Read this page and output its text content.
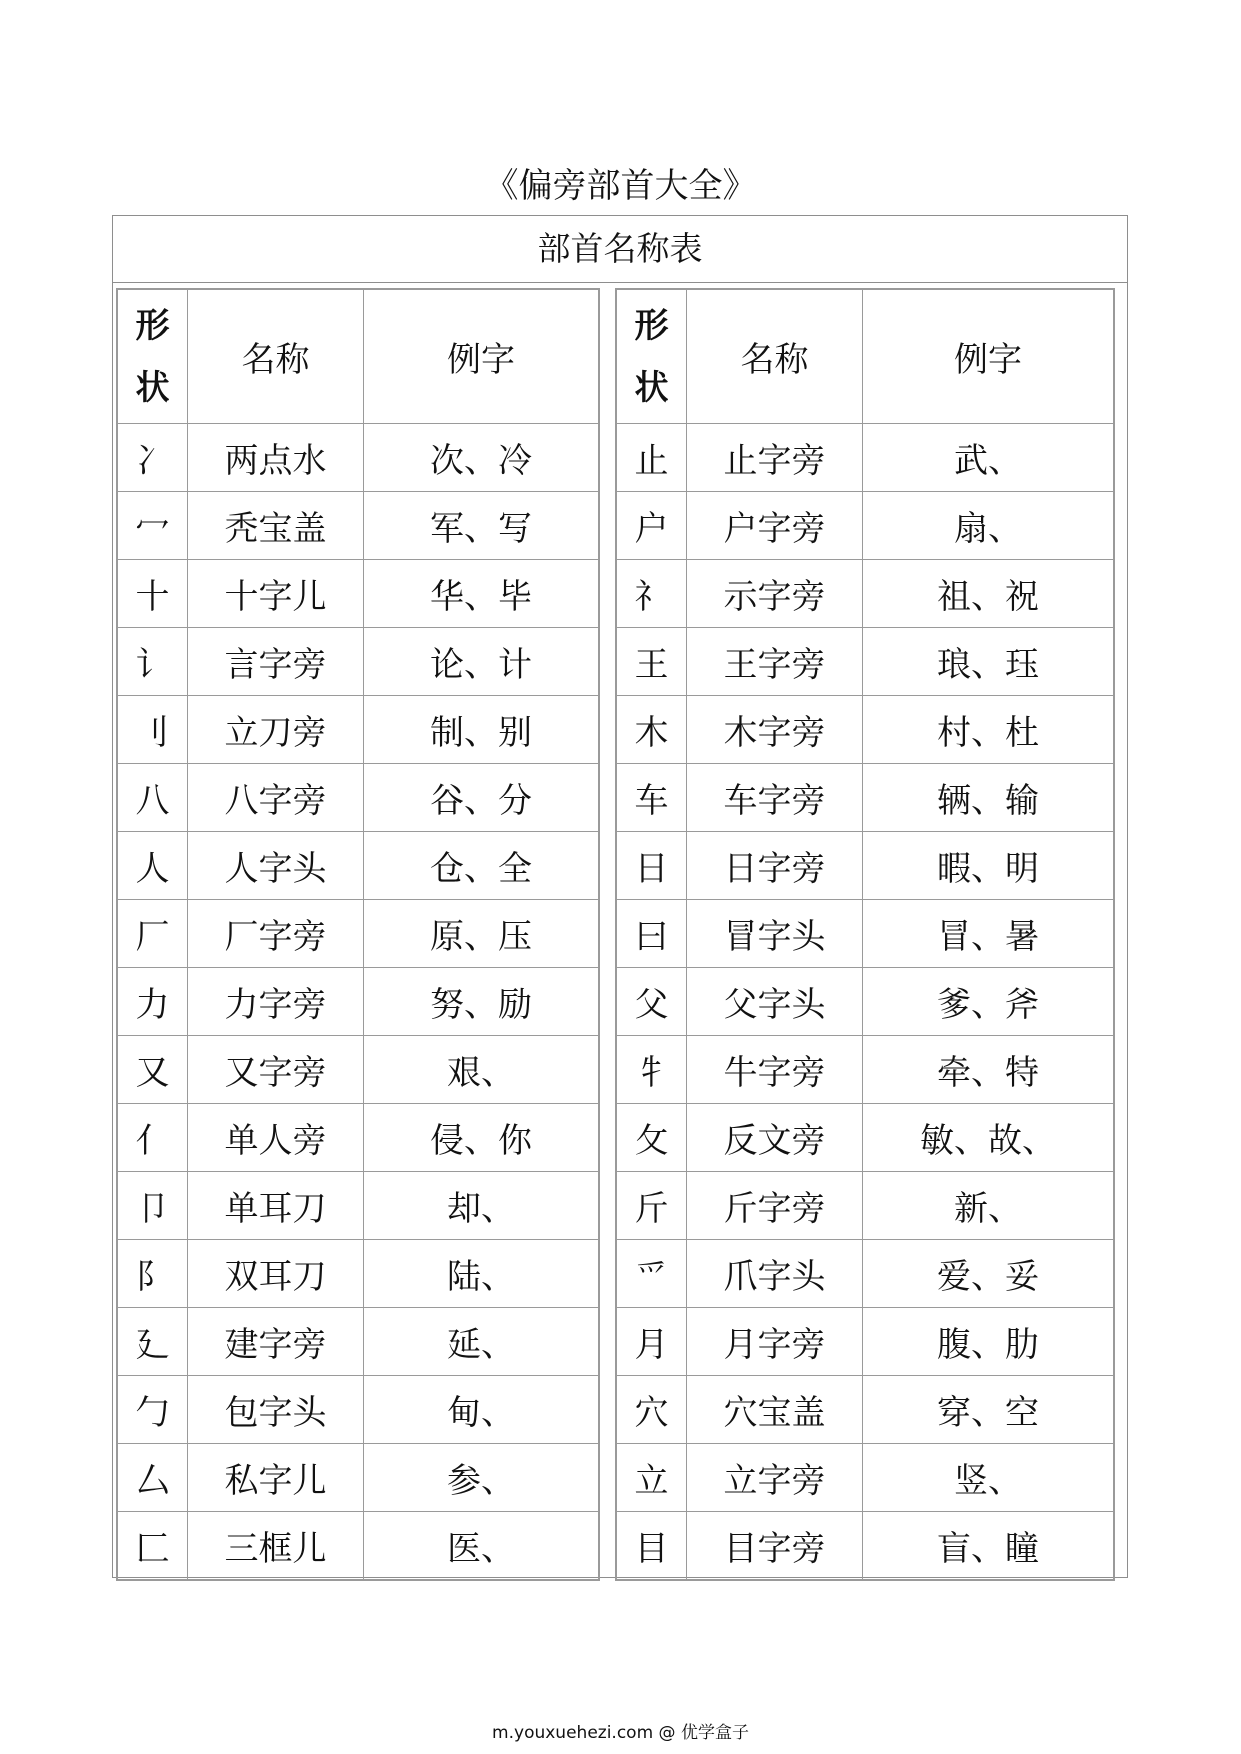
《偏旁部首大全》
部首名称表
形状	名称	例字
冫	两点水	次、冷
冖	秃宝盖	军、写
十	十字儿	华、毕
讠	言字旁	论、计
刂	立刀旁	制、别
八	八字旁	谷、分
人	人字头	仓、全
厂	厂字旁	原、压
力	力字旁	努、励
又	又字旁	艰、
亻	单人旁	侵、你
卩	单耳刀	却、
阝	双耳刀	陆、
廴	建字旁	延、
勹	包字头	甸、
厶	私字儿	参、
匚	三框儿	医、
形状	名称	例字
止	止字旁	武、
户	户字旁	扇、
礻	示字旁	祖、祝
王	王字旁	琅、珏
木	木字旁	村、杜
车	车字旁	辆、输
日	日字旁	暇、明
曰	冒字头	冒、暑
父	父字头	爹、斧
牜	牛字旁	牵、特
攵	反文旁	敏、故、
斤	斤字旁	新、
爫	爪字头	爱、妥
月	月字旁	腹、肋
穴	穴宝盖	穿、空
立	立字旁	竖、
目	目字旁	盲、瞳
m.youxuehezi.com @ 优学盒子
